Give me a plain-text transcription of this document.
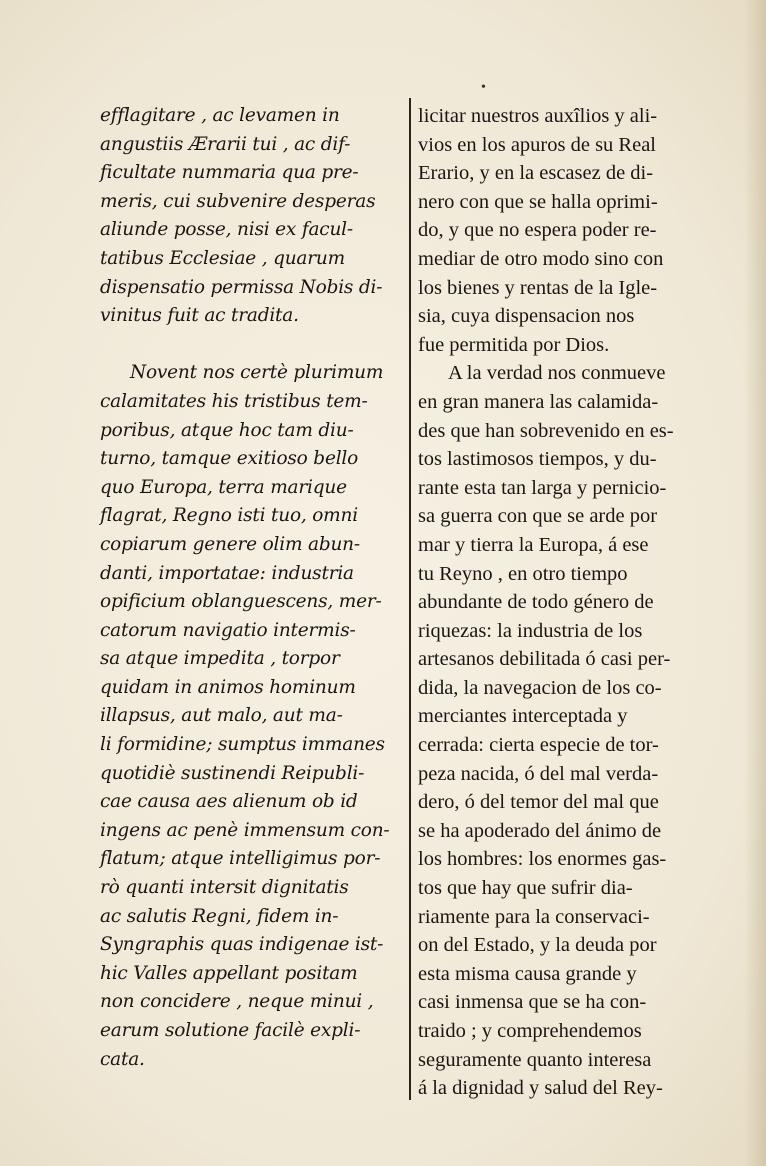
•
efflagitare , ac levamen in
angustiis Ærarii tui , ac dif-
ficultate nummaria qua pre-
meris, cui subvenire desperas
aliunde posse, nisi ex facul-
tatibus Ecclesiae , quarum
dispensatio permissa Nobis di-
vinitus fuit ac tradita.
Novent nos certè plurimum
calamitates his tristibus tem-
poribus, atque hoc tam diu-
turno, tamque exitioso bello
quo Europa, terra marique
flagrat, Regno isti tuo, omni
copiarum genere olim abun-
danti, importatae: industria
opificium oblanguescens, mer-
catorum navigatio intermis-
sa atque impedita , torpor
quidam in animos hominum
illapsus, aut malo, aut ma-
li formidine; sumptus immanes
quotidiè sustinendi Reipubli-
cae causa aes alienum ob id
ingens ac penè immensum con-
flatum; atque intelligimus por-
rò quanti intersit dignitatis
ac salutis Regni, fidem in-
Syngraphis quas indigenae ist-
hic Valles appellant positam
non concidere , neque minui ,
earum solutione facilè expli-
cata.
licitar nuestros auxîlios y ali-
vios en los apuros de su Real
Erario, y en la escasez de di-
nero con que se halla oprimi-
do, y que no espera poder re-
mediar de otro modo sino con
los bienes y rentas de la Igle-
sia, cuya dispensacion nos
fue permitida por Dios.
A la verdad nos conmueve
en gran manera las calamida-
des que han sobrevenido en es-
tos lastimosos tiempos, y du-
rante esta tan larga y pernicio-
sa guerra con que se arde por
mar y tierra la Europa, á ese
tu Reyno , en otro tiempo
abundante de todo género de
riquezas: la industria de los
artesanos debilitada ó casi per-
dida, la navegacion de los co-
merciantes interceptada y
cerrada: cierta especie de tor-
peza nacida, ó del mal verda-
dero, ó del temor del mal que
se ha apoderado del ánimo de
los hombres: los enormes gas-
tos que hay que sufrir dia-
riamente para la conservaci-
on del Estado, y la deuda por
esta misma causa grande y
casi inmensa que se ha con-
traido ; y comprehendemos
seguramente quanto interesa
á la dignidad y salud del Rey-
